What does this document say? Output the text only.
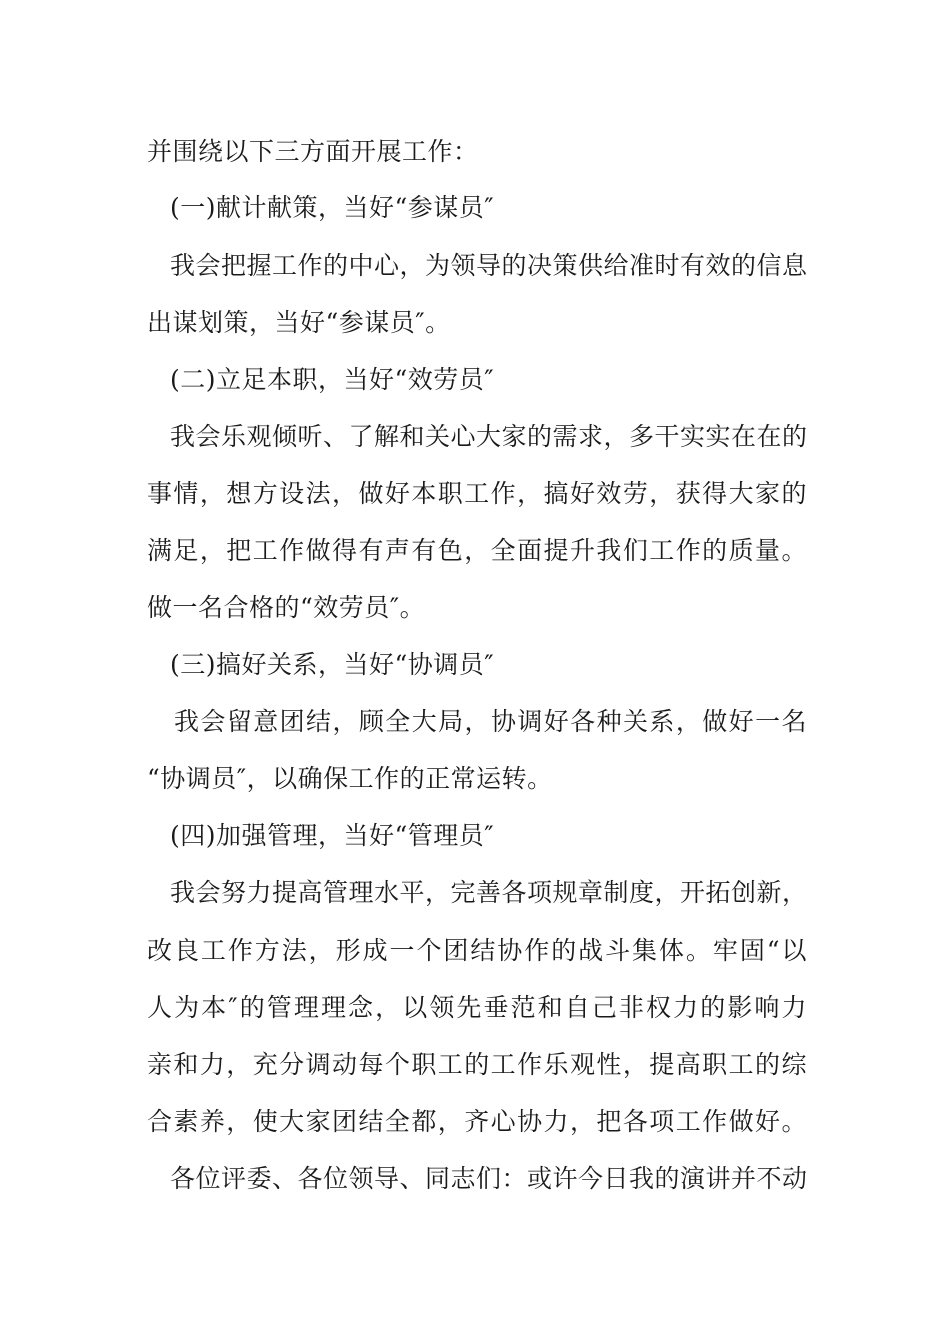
并围绕以下三方面开展工作：
(一)献计献策，当好“参谋员″
我会把握工作的中心，为领导的决策供给准时有效的信息
出谋划策，当好“参谋员″。
(二)立足本职，当好“效劳员″
我会乐观倾听、了解和关心大家的需求，多干实实在在的
事情，想方设法，做好本职工作，搞好效劳，获得大家的
满足，把工作做得有声有色，全面提升我们工作的质量。
做一名合格的“效劳员″。
(三)搞好关系，当好“协调员″
我会留意团结，顾全大局，协调好各种关系，做好一名
“协调员″，以确保工作的正常运转。
(四)加强管理，当好“管理员″
我会努力提高管理水平，完善各项规章制度，开拓创新，
改良工作方法，形成一个团结协作的战斗集体。牢固“以
人为本″的管理理念，以领先垂范和自己非权力的影响力
亲和力，充分调动每个职工的工作乐观性，提高职工的综
合素养，使大家团结全都，齐心协力，把各项工作做好。
各位评委、各位领导、同志们：或许今日我的演讲并不动
